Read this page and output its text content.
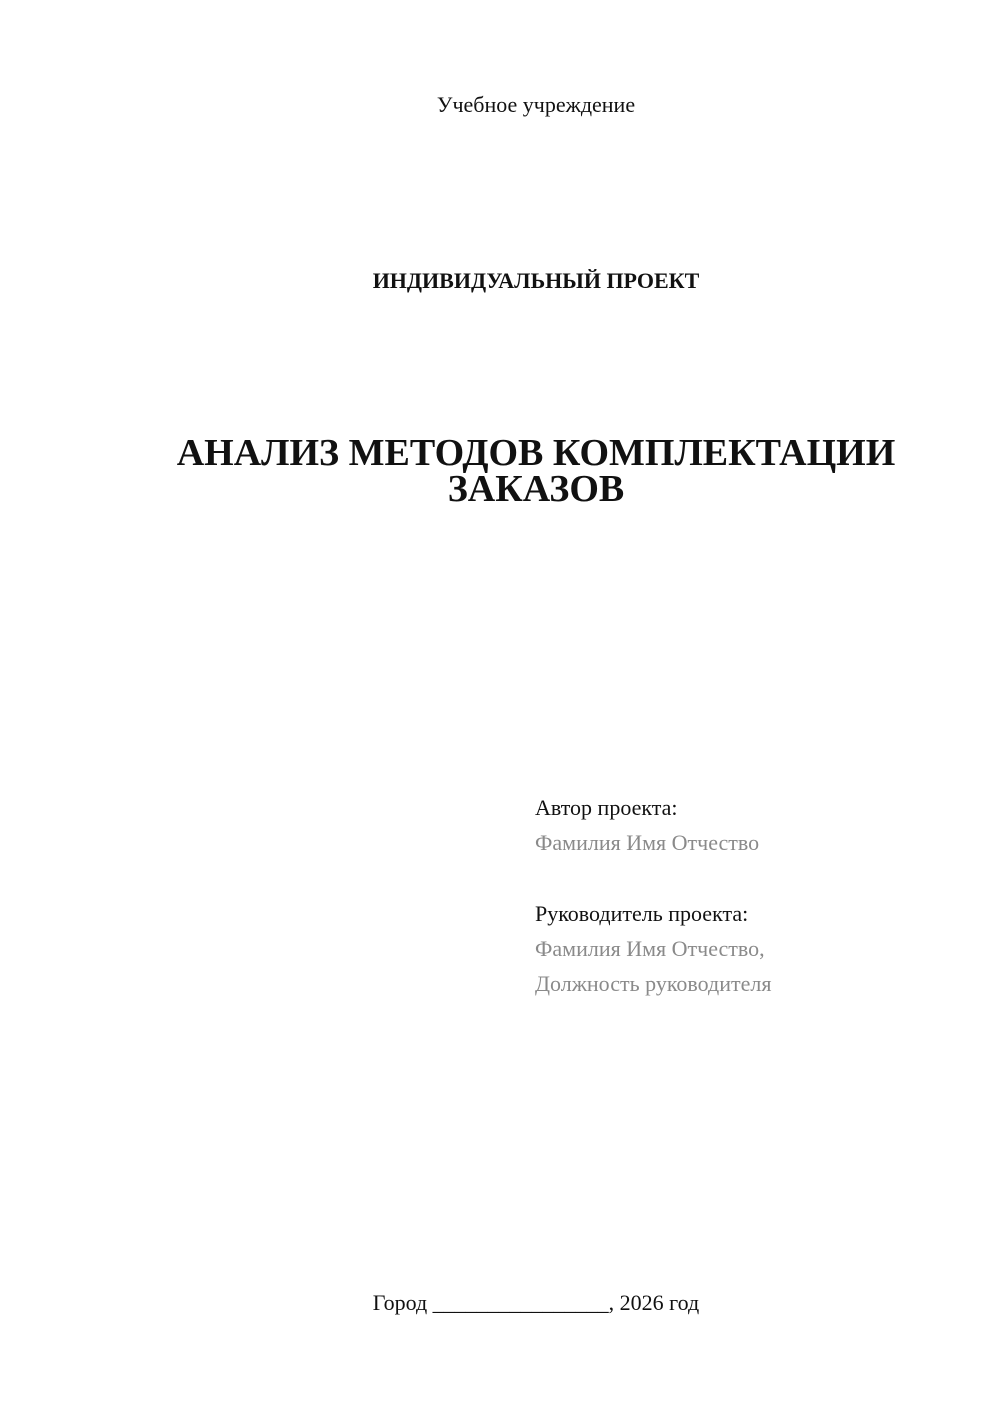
Учебное учреждение
ИНДИВИДУАЛЬНЫЙ ПРОЕКТ
АНАЛИЗ МЕТОДОВ КОМПЛЕКТАЦИИ
ЗАКАЗОВ
Автор проекта:
Фамилия Имя Отчество
Руководитель проекта:
Фамилия Имя Отчество,
Должность руководителя
Город ________________, 2026 год
